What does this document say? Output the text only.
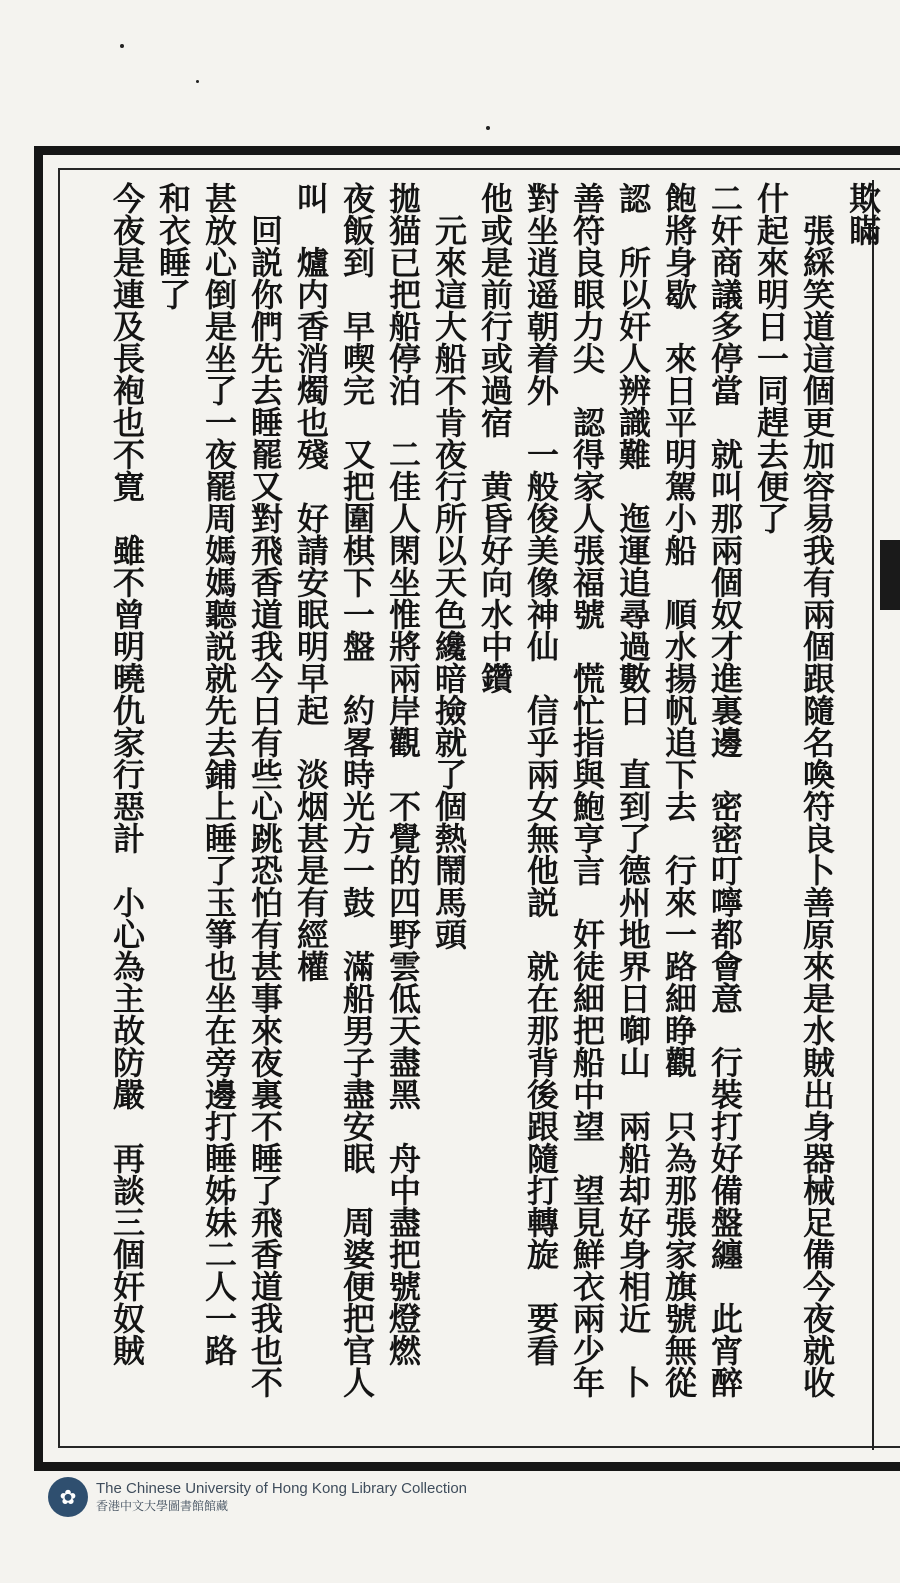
欺瞞
　張綵笑道這個更加容易我有兩個跟隨名喚符良卜善原來是水賊出身器械足備今夜就收
什起來明日一同趕去便了
二奸商議多停當　就叫那兩個奴才進裏邊　密密叮嚀都會意　行裝打好備盤纏　此宵醉
飽將身歇　來日平明駕小船　順水揚帆追下去　行來一路細睁觀　只為那張家旗號無從
認　所以奸人辨識難　迤運追尋過數日　直到了德州地界日啣山　兩船却好身相近　卜
善符良眼力尖　認得家人張福號　慌忙指與鮑亨言　奸徒細把船中望　望見鮮衣兩少年
對坐逍遥朝着外　一般俊美像神仙　信乎兩女無他説　就在那背後跟隨打轉旋　要看
他或是前行或過宿　黄昏好向水中鑽
　元來這大船不肯夜行所以天色纔暗撿就了個熱鬧馬頭
拋猫已把船停泊　二佳人閑坐惟將兩岸觀　不覺的四野雲低天盡黑　舟中盡把號燈燃
夜飯到　早喫完　又把圍棋下一盤　約畧時光方一鼓　滿船男子盡安眠　周婆便把官人
叫　爐内香消燭也殘　好請安眠明早起　淡烟甚是有經權
　回説你們先去睡罷又對飛香道我今日有些心跳恐怕有甚事來夜裏不睡了飛香道我也不
甚放心倒是坐了一夜罷周媽媽聽説就先去鋪上睡了玉箏也坐在旁邊打睡姊妹二人一路
和衣睡了
今夜是連及長袍也不寛　雖不曾明曉仇家行惡計　小心為主故防嚴　再談三個奸奴賊
✿	The Chinese University of Hong Kong Library Collection
香港中文大學圖書館館藏
